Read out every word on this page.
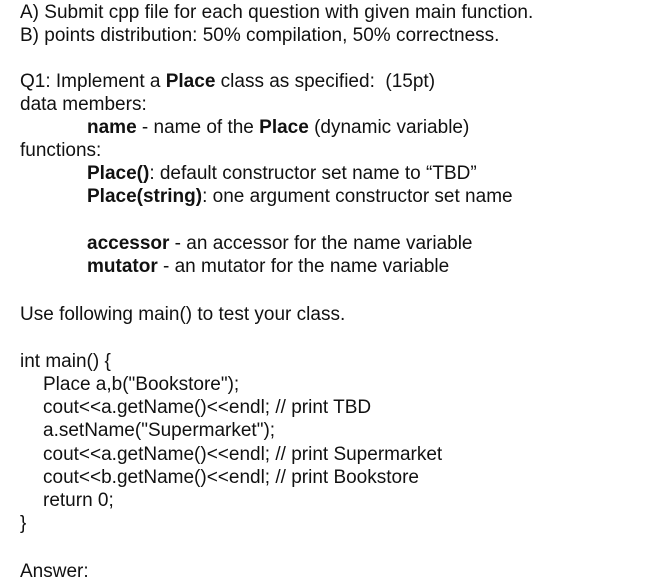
A) Submit cpp file for each question with given main function.
B) points distribution: 50% compilation, 50% correctness.
Q1: Implement a Place class as specified:  (15pt)
data members:
name - name of the Place (dynamic variable)
functions:
Place(): default constructor set name to “TBD”
Place(string): one argument constructor set name
accessor - an accessor for the name variable
mutator - an mutator for the name variable
Use following main() to test your class.
int main() {
Place a,b("Bookstore");
cout<<a.getName()<<endl; // print TBD
a.setName("Supermarket");
cout<<a.getName()<<endl; // print Supermarket
cout<<b.getName()<<endl; // print Bookstore
return 0;
}
Answer:
